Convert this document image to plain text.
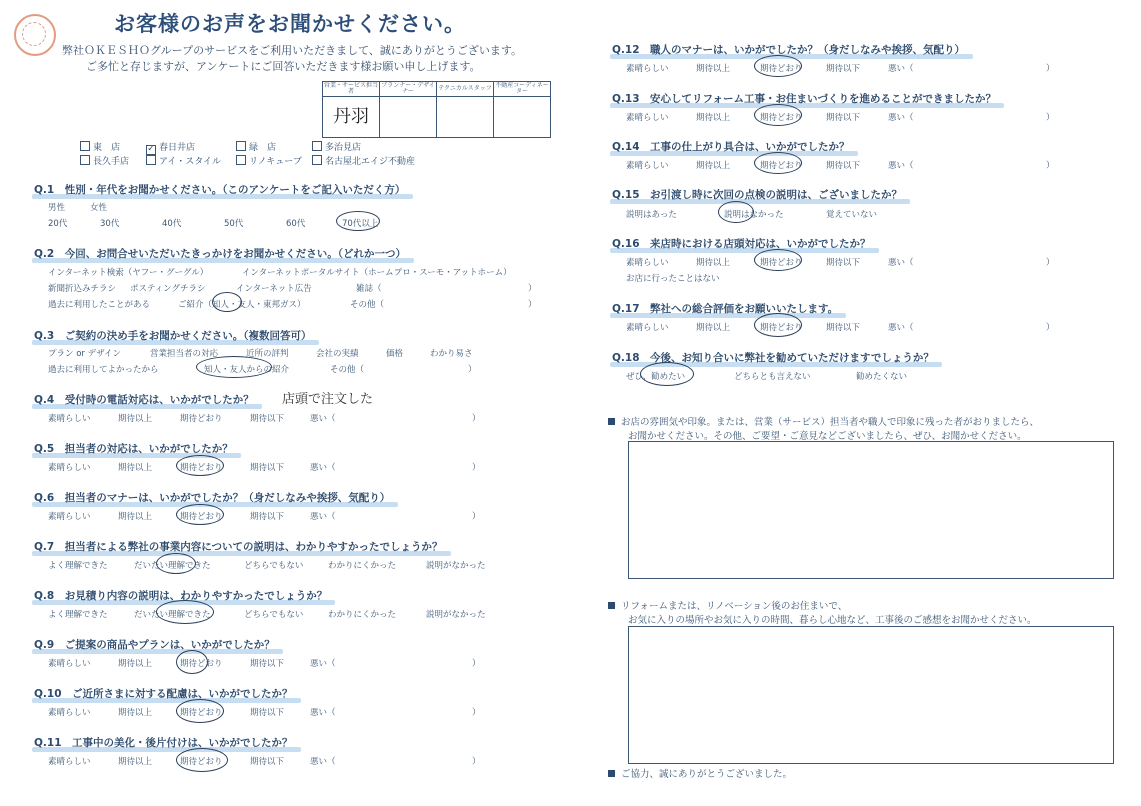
お客様のお声をお聞かせください。
弊社ＯＫＥＳＨＯグループのサービスをご利用いただきまして、誠にありがとうございます。
ご多忙と存じますが、アンケートにご回答いただきます様お願い申し上げます。
営業・サービス担当者	プランナー・デザイナー	テクニカルスタッフ	不動産コーディネーター
丹羽			
東　店	✓ 春日井店	緑　店	多治見店
長久手店	アイ・スタイル	リノキューブ	名古屋北エイジ不動産
Q.1　性別・年代をお聞かせください。（このアンケートをご記入いただく方）
男性	女性
20代	30代	40代	50代	60代	70代以上
Q.2　今回、お問合せいただいたきっかけをお聞かせください。（どれか一つ）
インターネット検索（ヤフー・グーグル）	インターネットポータルサイト（ホームプロ・スーモ・アットホーム）
新聞折込みチラシ ポスティングチラシ	インターネット広告	雑誌（	）
過去に利用したことがある	ご紹介（知人・友人・東邦ガス）	その他（	）
Q.3　ご契約の決め手をお聞かせください。（複数回答可）
プラン or デザイン	営業担当者の対応	近所の評判	会社の実績	価格	わかり易さ
過去に利用してよかったから	知人・友人からの紹介	その他（	）
Q.4　受付時の電話対応は、いかがでしたか？ 店頭で注文した
素晴らしい	期待以上	期待どおり	期待以下	悪い（	）
Q.5　担当者の対応は、いかがでしたか？
素晴らしい	期待以上	期待どおり	期待以下	悪い（	）
Q.6　担当者のマナーは、いかがでしたか？（身だしなみや挨拶、気配り）
素晴らしい	期待以上	期待どおり	期待以下	悪い（	）
Q.7　担当者による弊社の事業内容についての説明は、わかりやすかったでしょうか？
よく理解できた	だいたい理解できた	どちらでもない	わかりにくかった	説明がなかった
Q.8　お見積り内容の説明は、わかりやすかったでしょうか？
よく理解できた	だいたい理解できた	どちらでもない	わかりにくかった	説明がなかった
Q.9　ご提案の商品やプランは、いかがでしたか？
素晴らしい	期待以上	期待どおり	期待以下	悪い（	）
Q.10　ご近所さまに対する配慮は、いかがでしたか？
素晴らしい	期待以上	期待どおり	期待以下	悪い（	）
Q.11　工事中の美化・後片付けは、いかがでしたか？
素晴らしい	期待以上	期待どおり	期待以下	悪い（	）
Q.12　職人のマナーは、いかがでしたか？（身だしなみや挨拶、気配り）
素晴らしい	期待以上	期待どおり	期待以下	悪い（	）
Q.13　安心してリフォーム工事・お住まいづくりを進めることができましたか？
素晴らしい	期待以上	期待どおり	期待以下	悪い（	）
Q.14　工事の仕上がり具合は、いかがでしたか？
素晴らしい	期待以上	期待どおり	期待以下	悪い（	）
Q.15　お引渡し時に次回の点検の説明は、ございましたか？
説明はあった	説明はなかった	覚えていない
Q.16　来店時における店頭対応は、いかがでしたか？
素晴らしい	期待以上	期待どおり	期待以下	悪い（	）
お店に行ったことはない
Q.17　弊社への総合評価をお願いいたします。
素晴らしい	期待以上	期待どおり	期待以下	悪い（	）
Q.18　今後、お知り合いに弊社を勧めていただけますでしょうか？
ぜひ、勧めたい	どちらとも言えない	勧めたくない
お店の雰囲気や印象。または、営業（サービス）担当者や職人で印象に残った者がおりましたら、
お聞かせください。その他、ご要望・ご意見などございましたら、ぜひ、お聞かせください。
リフォームまたは、リノベーション後のお住まいで、
お気に入りの場所やお気に入りの時間、暮らし心地など、工事後のご感想をお聞かせください。
ご協力、誠にありがとうございました。
